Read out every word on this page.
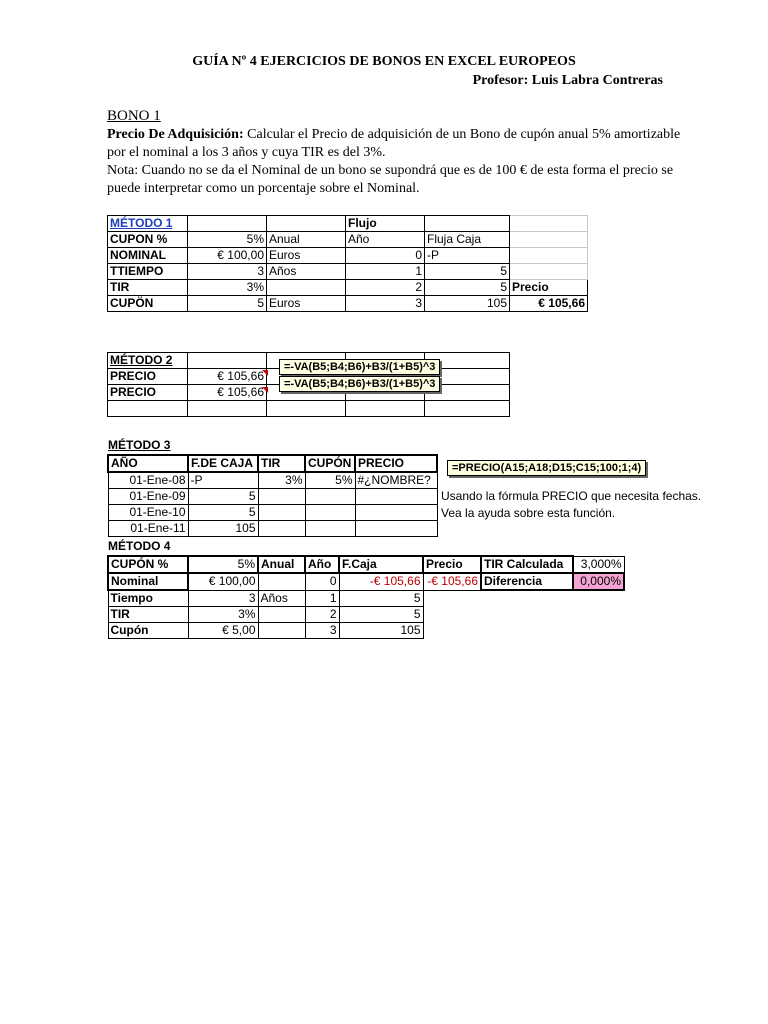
GUÍA Nº 4 EJERCICIOS DE BONOS EN EXCEL EUROPEOS
Profesor: Luis Labra Contreras
BONO 1

Precio De Adquisición: Calcular el Precio de adquisición de un Bono de cupón anual 5% amortizable por el nominal a los 3 años y cuya TIR es del 3%.

Nota: Cuando no se da el Nominal de un bono se supondrá que es de 100 € de esta forma el precio se puede interpretar como un porcentaje sobre el Nominal.

MÉTODO 1			Flujo		
CUPON %	5%	Anual	Año	Fluja Caja	
NOMINAL	€ 100,00	Euros	0	-P	
TTIEMPO	3	Años	1	5	
TIR	3%		2	5	Precio
CUPÖN	5	Euros	3	105	€ 105,66
MÉTODO 2				
PRECIO	€ 105,66			
PRECIO	€ 105,66			

=-VA(B5;B4;B6)+B3/(1+B5)^3
=-VA(B5;B4;B6)+B3/(1+B5)^3
MÉTODO 3
AÑO	F.DE CAJA	TIR	CUPÓN	PRECIO
01-Ene-08	-P	3%	5%	#¿NOMBRE?
01-Ene-09	5			
01-Ene-10	5			
01-Ene-11	105			
=PRECIO(A15;A18;D15;C15;100;1;4)
Usando la fórmula PRECIO que necesita fechas.
Vea la ayuda sobre esta función.
MÉTODO 4
CUPÓN %	5%	Anual	Año	F.Caja	Precio	TIR Calculada	3,000%
Nominal	€ 100,00		0	-€ 105,66	-€ 105,66	Diferencia	0,000%
Tiempo	3	Años	1	5			
TIR	3%		2	5			
Cupón	€ 5,00		3	105			
